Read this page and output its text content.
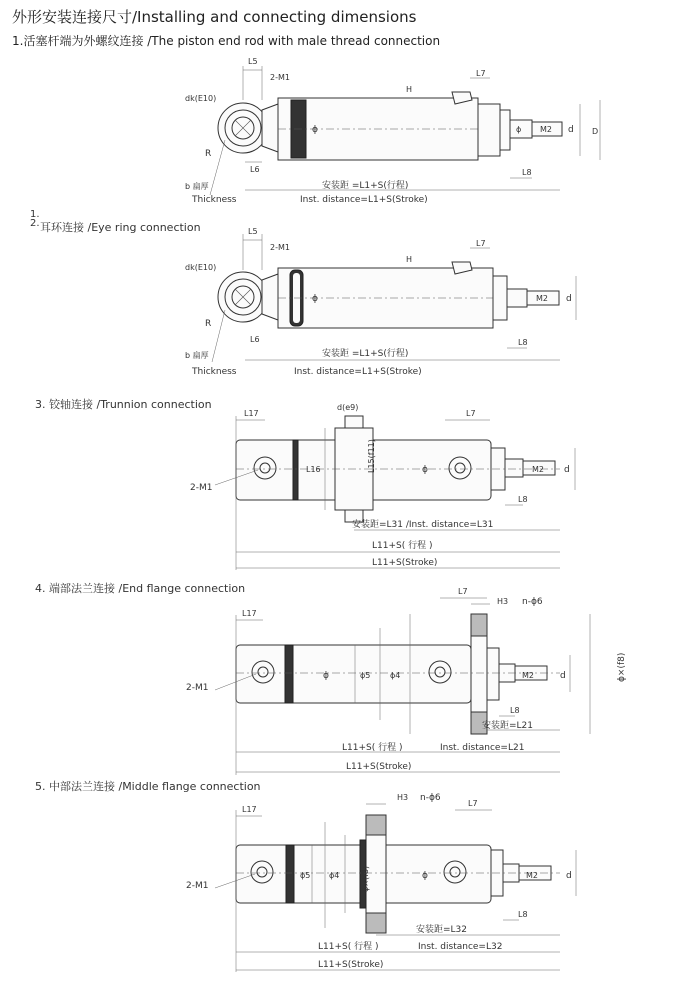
外形安装连接尺寸/Installing and connecting dimensions
1.活塞杆端为外螺纹连接 /The piston end rod with male thread connection
1.
2. 耳环连接 /Eye ring connection
3. 铰轴连接 /Trunnion connection
4. 端部法兰连接 /End flange connection
5. 中部法兰连接 /Middle flange connection
L5
2-M1
dk(E10)
H
L7
ϕ	ϕ	d
M2	D
R
L6	L8
安装距 =L1+S(行程)
Inst. distance=L1+S(Stroke)
b 扁厚
Thickness
L5
2-M1
dk(E10)
H
L7
ϕ	d
M2
R
L6	L8
安装距 =L1+S(行程)
Inst. distance=L1+S(Stroke)
b 扁厚
Thickness
L17
d(e9)
L7
2-M1
L16	L15(f11)	ϕ	d
M2
L8
安装距=L31 /Inst. distance=L31
L11+S( 行程 )
L11+S(Stroke)
L17
L7
H3 n-ϕ6
2-M1
ϕ	ϕ5 ϕ4	d
M2	ϕ×(f8)
L8
安装距=L21
Inst. distance=L21
L11+S( 行程 )
L11+S(Stroke)
L17
H3 n-ϕ6
L7
2-M1
ϕ5 ϕ4	ϕ×(f8)	ϕ	d
M2
L8
安装距=L32
Inst. distance=L32
L11+S( 行程 )
L11+S(Stroke)
